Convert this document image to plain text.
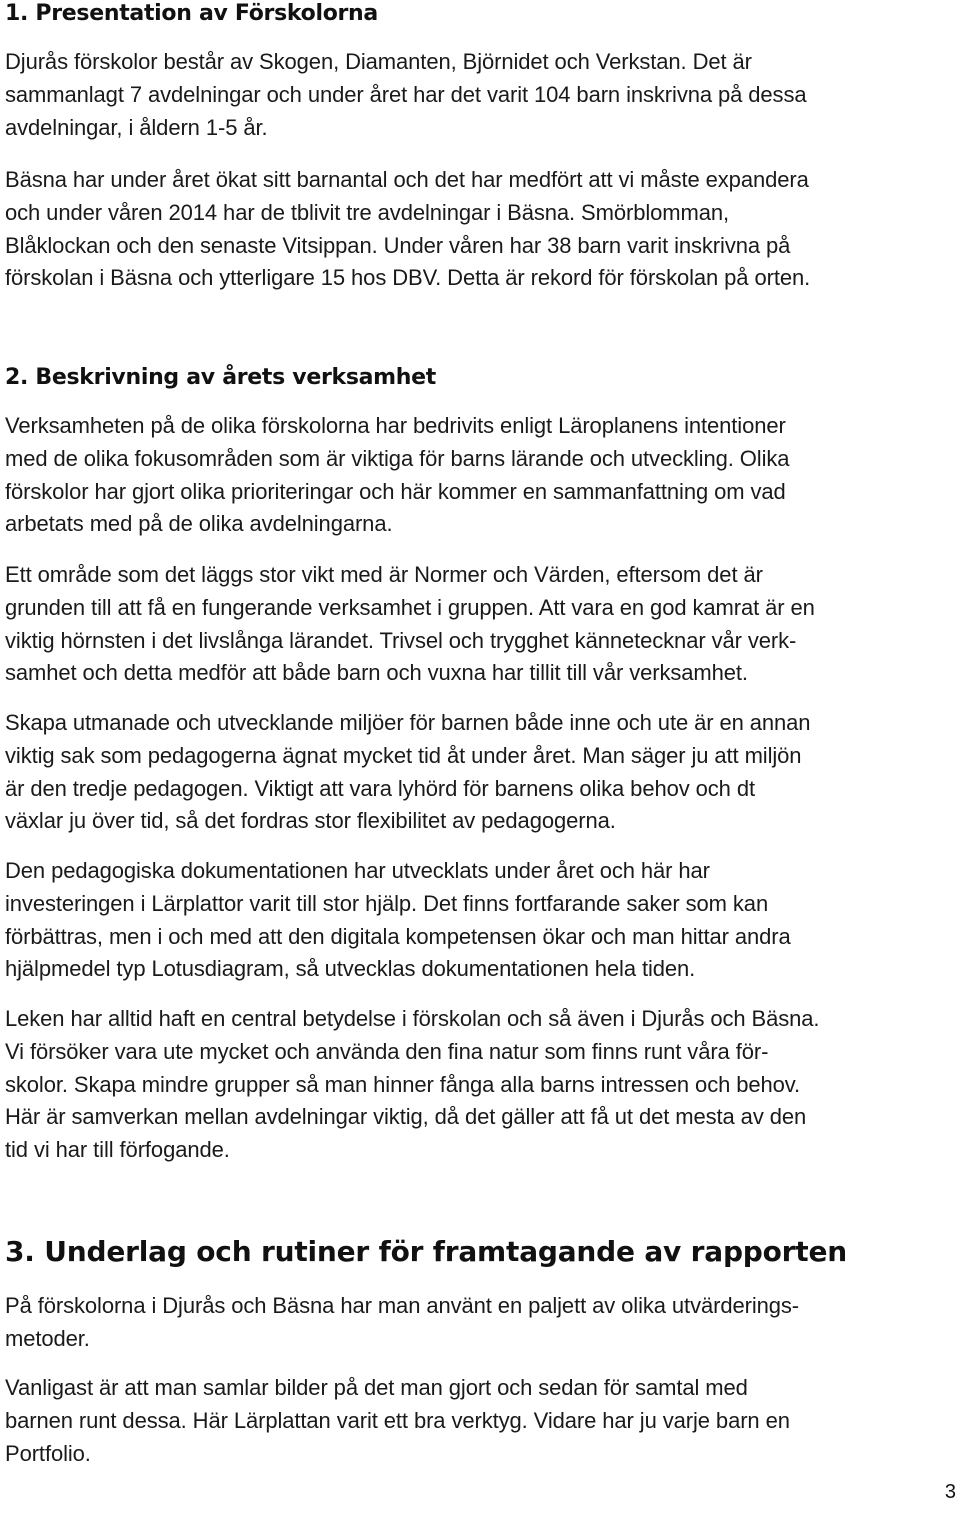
1. Presentation av Förskolorna

Djurås förskolor består av Skogen, Diamanten, Björnidet och Verkstan. Det är
sammanlagt 7 avdelningar och under året har det varit 104 barn inskrivna på dessa
avdelningar, i åldern 1-5 år.

Bäsna har under året ökat sitt barnantal och det har medfört att vi måste expandera
och under våren 2014 har de tblivit tre avdelningar i Bäsna. Smörblomman,
Blåklockan och den senaste Vitsippan. Under våren har 38 barn varit inskrivna på
förskolan i Bäsna och ytterligare 15 hos DBV. Detta är rekord för förskolan på orten.

2. Beskrivning av årets verksamhet

Verksamheten på de olika förskolorna har bedrivits enligt Läroplanens intentioner
med de olika fokusområden som är viktiga för barns lärande och utveckling. Olika
förskolor har gjort olika prioriteringar och här kommer en sammanfattning om vad
arbetats med på de olika avdelningarna.

Ett område som det läggs stor vikt med är Normer och Värden, eftersom det är
grunden till att få en fungerande verksamhet i gruppen. Att vara en god kamrat är en
viktig hörnsten i det livslånga lärandet. Trivsel och trygghet kännetecknar vår verk-
samhet och detta medför att både barn och vuxna har tillit till vår verksamhet.

Skapa utmanade och utvecklande miljöer för barnen både inne och ute är en annan
viktig sak som pedagogerna ägnat mycket tid åt under året. Man säger ju att miljön
är den tredje pedagogen. Viktigt att vara lyhörd för barnens olika behov och dt
växlar ju över tid, så det fordras stor flexibilitet av pedagogerna.

Den pedagogiska dokumentationen har utvecklats under året och här har
investeringen i Lärplattor varit till stor hjälp. Det finns fortfarande saker som kan
förbättras, men i och med att den digitala kompetensen ökar och man hittar andra
hjälpmedel typ Lotusdiagram, så utvecklas dokumentationen hela tiden.

Leken har alltid haft en central betydelse i förskolan och så även i Djurås och Bäsna.
Vi försöker vara ute mycket och använda den fina natur som finns runt våra för-
skolor. Skapa mindre grupper så man hinner fånga alla barns intressen och behov.
Här är samverkan mellan avdelningar viktig, då det gäller att få ut det mesta av den
tid vi har till förfogande.

3. Underlag och rutiner för framtagande av rapporten

På förskolorna i Djurås och Bäsna har man använt en paljett av olika utvärderings-
metoder.

Vanligast är att man samlar bilder på det man gjort och sedan för samtal med
barnen runt dessa. Här Lärplattan varit ett bra verktyg. Vidare har ju varje barn en
Portfolio.

3
